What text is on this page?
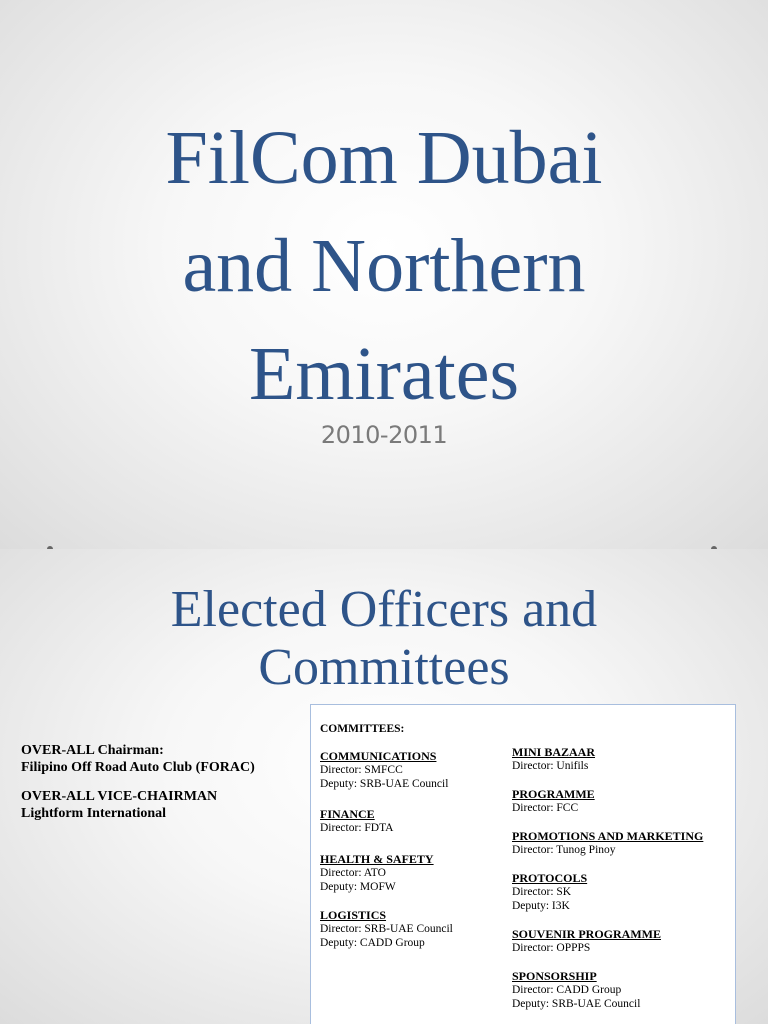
FilCom Dubai
and Northern
Emirates
2010-2011
Elected Officers and
Committees
OVER-ALL Chairman:
Filipino Off Road Auto Club (FORAC)
OVER-ALL VICE-CHAIRMAN
Lightform International
COMMITTEES:
COMMUNICATIONS
Director: SMFCC
Deputy: SRB-UAE Council
FINANCE
Director: FDTA
HEALTH & SAFETY
Director: ATO
Deputy: MOFW
LOGISTICS
Director: SRB-UAE Council
Deputy: CADD Group
MINI BAZAAR
Director: Unifils
PROGRAMME
Director: FCC
PROMOTIONS AND MARKETING
Director: Tunog Pinoy
PROTOCOLS
Director: SK
Deputy: I3K
SOUVENIR PROGRAMME
Director: OPPPS
SPONSORSHIP
Director: CADD Group
Deputy: SRB-UAE Council
